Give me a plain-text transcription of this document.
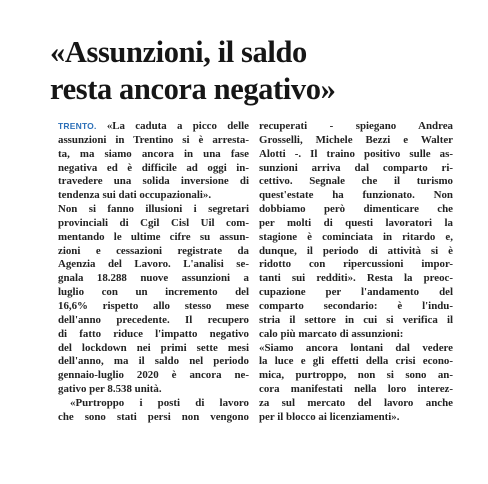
«Assunzioni, il saldo
resta ancora negativo»
TRENTO. «La caduta a picco delle
assunzioni in Trentino si è arresta-
ta, ma siamo ancora in una fase
negativa ed è difficile ad oggi in-
travedere una solida inversione di
tendenza sui dati occupazionali».
Non si fanno illusioni i segretari
provinciali di Cgil Cisl Uil com-
mentando le ultime cifre su assun-
zioni e cessazioni registrate da
Agenzia del Lavoro. L'analisi se-
gnala 18.288 nuove assunzioni a
luglio con un incremento del
16,6% rispetto allo stesso mese
dell'anno precedente. Il recupero
di fatto riduce l'impatto negativo
del lockdown nei primi sette mesi
dell'anno, ma il saldo nel periodo
gennaio-luglio 2020 è ancora ne-
gativo per 8.538 unità.
«Purtroppo i posti di lavoro
che sono stati persi non vengono
recuperati - spiegano Andrea
Grosselli, Michele Bezzi e Walter
Alotti -. Il traino positivo sulle as-
sunzioni arriva dal comparto ri-
cettivo. Segnale che il turismo
quest'estate ha funzionato. Non
dobbiamo però dimenticare che
per molti di questi lavoratori la
stagione è cominciata in ritardo e,
dunque, il periodo di attività si è
ridotto con ripercussioni impor-
tanti sui redditi». Resta la preoc-
cupazione per l'andamento del
comparto secondario: è l'indu-
stria il settore in cui si verifica il
calo più marcato di assunzioni:
«Siamo ancora lontani dal vedere
la luce e gli effetti della crisi econo-
mica, purtroppo, non si sono an-
cora manifestati nella loro interez-
za sul mercato del lavoro anche
per il blocco ai licenziamenti».
